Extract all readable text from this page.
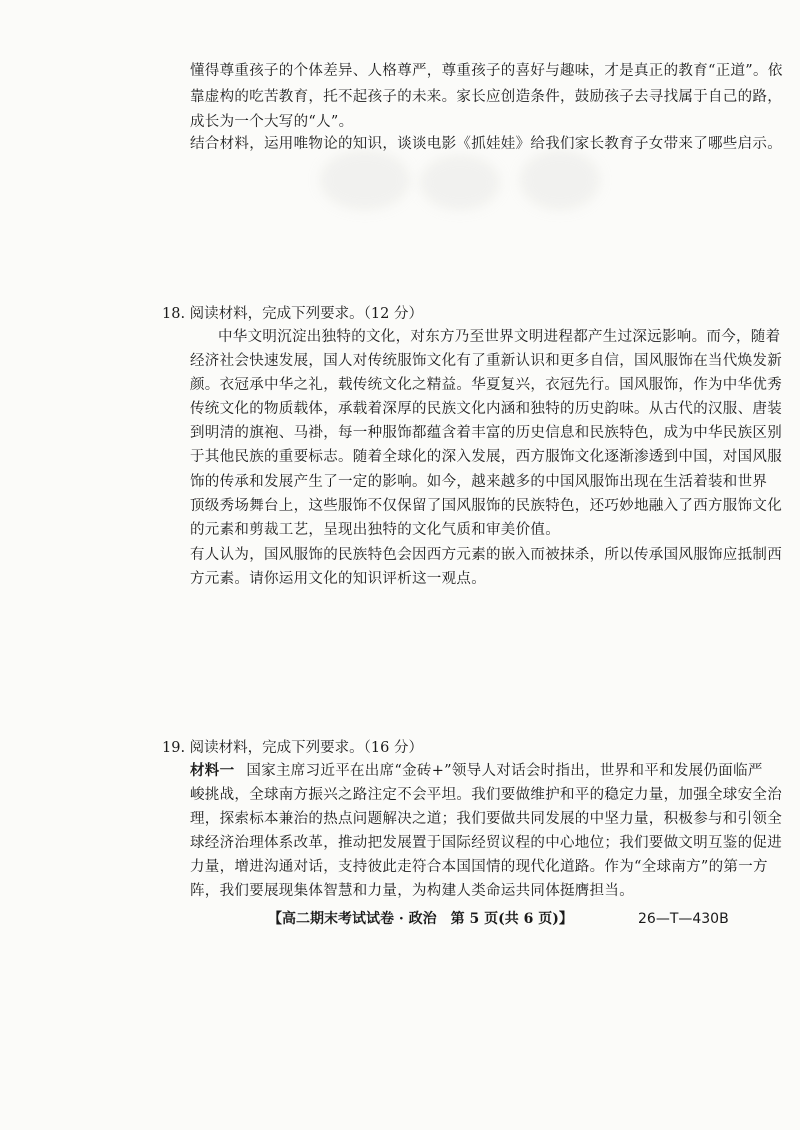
懂得尊重孩子的个体差异、人格尊严，尊重孩子的喜好与趣味，才是真正的教育“正道”。依
靠虚构的吃苦教育，托不起孩子的未来。家长应创造条件，鼓励孩子去寻找属于自己的路，
成长为一个大写的“人”。
结合材料，运用唯物论的知识，谈谈电影《抓娃娃》给我们家长教育子女带来了哪些启示。
18. 阅读材料，完成下列要求。（12 分）
中华文明沉淀出独特的文化，对东方乃至世界文明进程都产生过深远影响。而今，随着
经济社会快速发展，国人对传统服饰文化有了重新认识和更多自信，国风服饰在当代焕发新
颜。衣冠承中华之礼，载传统文化之精益。华夏复兴，衣冠先行。国风服饰，作为中华优秀
传统文化的物质载体，承载着深厚的民族文化内涵和独特的历史韵味。从古代的汉服、唐装
到明清的旗袍、马褂，每一种服饰都蕴含着丰富的历史信息和民族特色，成为中华民族区别
于其他民族的重要标志。随着全球化的深入发展，西方服饰文化逐渐渗透到中国，对国风服
饰的传承和发展产生了一定的影响。如今，越来越多的中国风服饰出现在生活着装和世界
顶级秀场舞台上，这些服饰不仅保留了国风服饰的民族特色，还巧妙地融入了西方服饰文化
的元素和剪裁工艺，呈现出独特的文化气质和审美价值。
有人认为，国风服饰的民族特色会因西方元素的嵌入而被抹杀，所以传承国风服饰应抵制西
方元素。请你运用文化的知识评析这一观点。
19. 阅读材料，完成下列要求。（16 分）
材料一 国家主席习近平在出席“金砖+”领导人对话会时指出，世界和平和发展仍面临严
峻挑战，全球南方振兴之路注定不会平坦。我们要做维护和平的稳定力量，加强全球安全治
理，探索标本兼治的热点问题解决之道；我们要做共同发展的中坚力量，积极参与和引领全
球经济治理体系改革，推动把发展置于国际经贸议程的中心地位；我们要做文明互鉴的促进
力量，增进沟通对话，支持彼此走符合本国国情的现代化道路。作为“全球南方”的第一方
阵，我们要展现集体智慧和力量，为构建人类命运共同体挺膺担当。
【高二期末考试试卷 · 政治　第 5 页(共 6 页)】	26—T—430B
